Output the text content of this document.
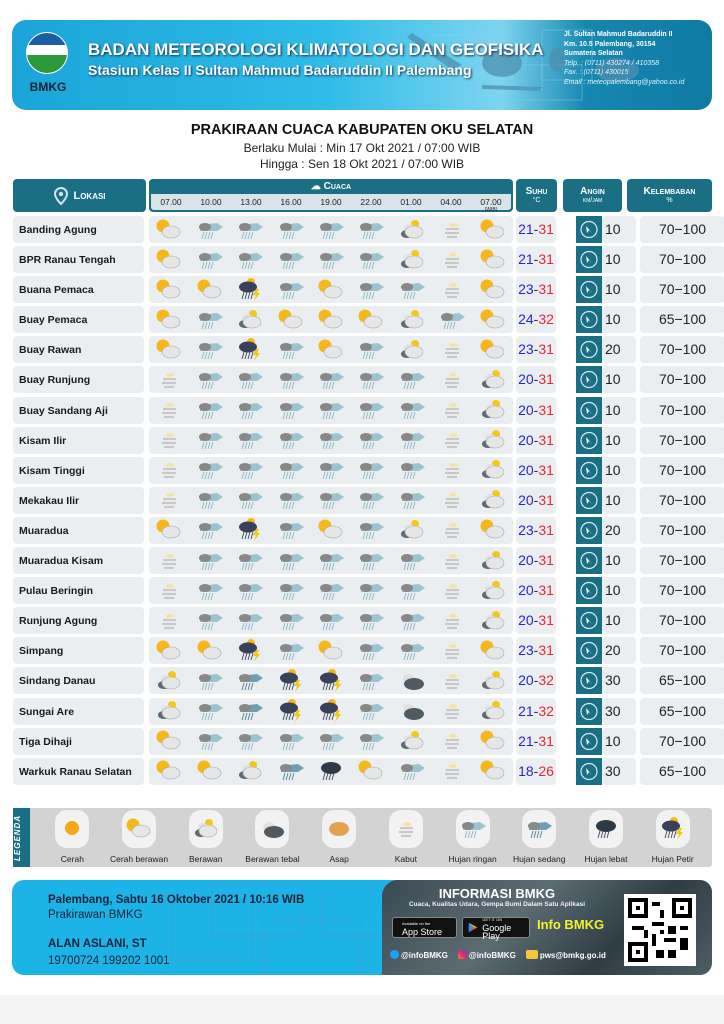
BMKG
BADAN METEOROLOGI KLIMATOLOGI DAN GEOFISIKA
Stasiun Kelas II Sultan Mahmud Badaruddin II Palembang
Jl. Sultan Mahmud Badaruddin II
Km. 10.5 Palembang, 30154
Sumatera Selatan
Telp. : (0711) 430274 / 410358
Fax. : (0711) 430015
Email : meteopalembang@yahoo.co.id
PRAKIRAAN CUACA KABUPATEN OKU SELATAN
Berlaku Mulai : Min 17 Okt 2021 / 07:00 WIB
Hingga : Sen 18 Okt 2021 / 07:00 WIB
Lokasi
☁ Cuaca
07.00	10.00	13.00	16.00	19.00	22.00	01.00	04.00	07.00
(WIB)
Suhu
°C
Angin
km/jam
Kelembaban
%
Banding Agung	21-31	10	70−100
BPR Ranau Tengah	21-31	10	70−100
Buana Pemaca	23-31	10	70−100
Buay Pemaca	24-32	10	65−100
Buay Rawan	23-31	20	70−100
Buay Runjung	20-31	10	70−100
Buay Sandang Aji	20-31	10	70−100
Kisam Ilir	20-31	10	70−100
Kisam Tinggi	20-31	10	70−100
Mekakau Ilir	20-31	10	70−100
Muaradua	23-31	20	70−100
Muaradua Kisam	20-31	10	70−100
Pulau Beringin	20-31	10	70−100
Runjung Agung	20-31	10	70−100
Simpang	23-31	20	70−100
Sindang Danau	20-32	30	65−100
Sungai Are	21-32	30	65−100
Tiga Dihaji	21-31	10	70−100
Warkuk Ranau Selatan	18-26	30	65−100
LEGENDA	Cerah	Cerah berawan Berawan	Berawan tebal	Asap	Kabut	Hujan ringan Hujan sedang Hujan lebat	Hujan Petir
Palembang, Sabtu 16 Oktober 2021 / 10:16 WIB
Prakirawan BMKG
ALAN ASLANI, ST
19700724 199202 1001
INFORMASI BMKG
Cuaca, Kualitas Udara, Gempa Bumi Dalam Satu Aplikasi
Available on the
App Store
GET IT ON
Google Play
Info BMKG
@infoBMKG	@infoBMKG	pws@bmkg.go.id
